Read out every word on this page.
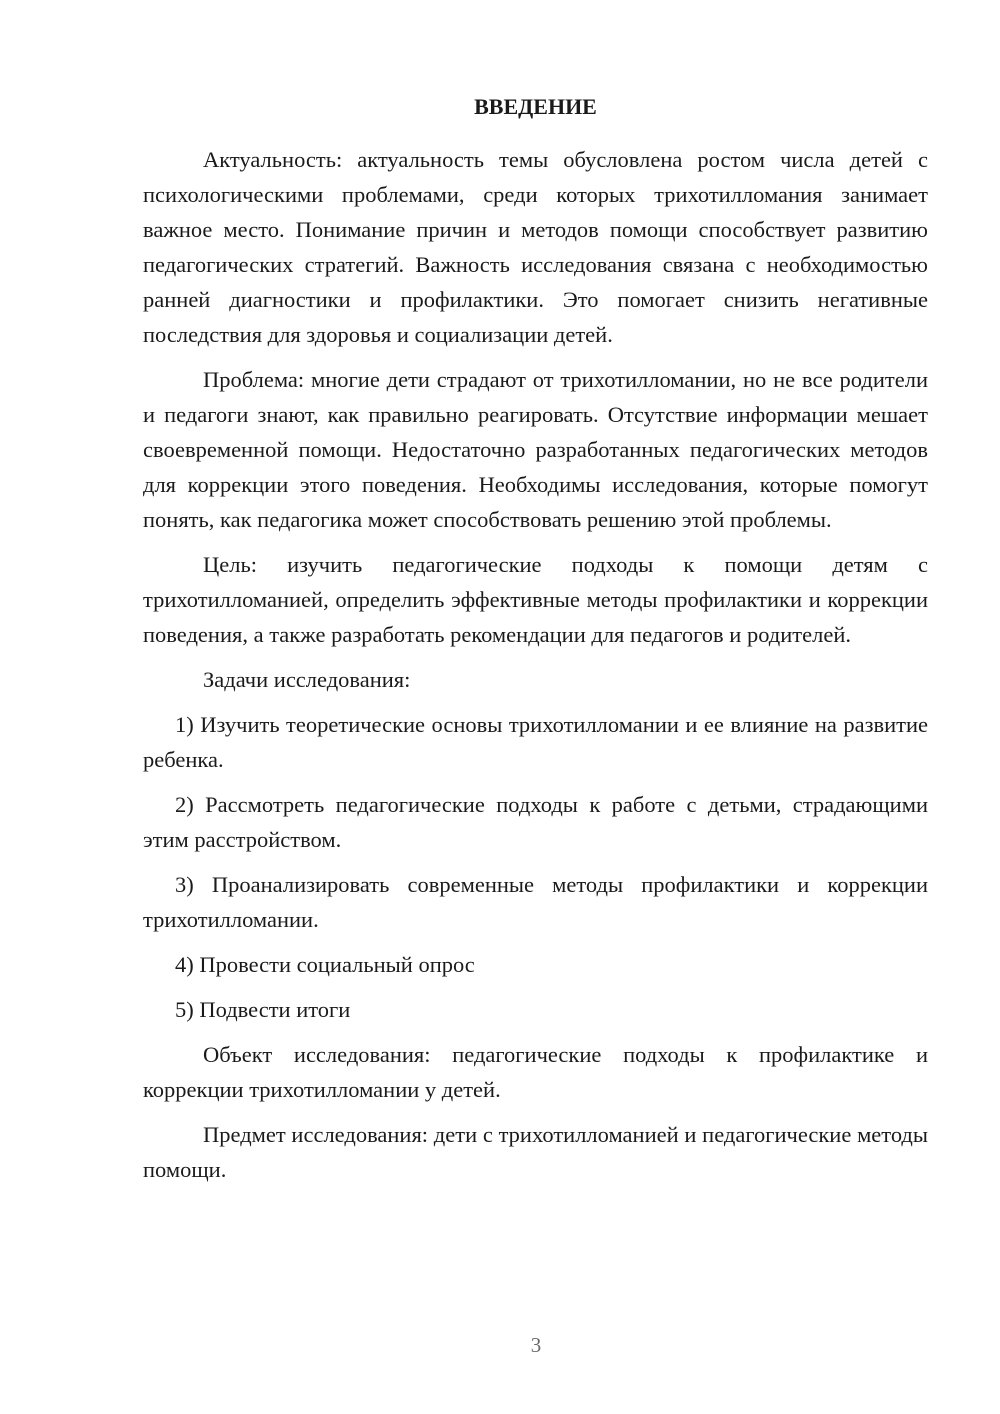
ВВЕДЕНИЕ

Актуальность: актуальность темы обусловлена ростом числа детей с психологическими проблемами, среди которых трихотилломания занимает важное место. Понимание причин и методов помощи способствует развитию педагогических стратегий. Важность исследования связана с необходимостью ранней диагностики и профилактики. Это помогает снизить негативные последствия для здоровья и социализации детей.

Проблема: многие дети страдают от трихотилломании, но не все родители и педагоги знают, как правильно реагировать. Отсутствие информации мешает своевременной помощи. Недостаточно разработанных педагогических методов для коррекции этого поведения. Необходимы исследования, которые помогут понять, как педагогика может способствовать решению этой проблемы.

Цель: изучить педагогические подходы к помощи детям с трихотилломанией, определить эффективные методы профилактики и коррекции поведения, а также разработать рекомендации для педагогов и родителей.

Задачи исследования:

1) Изучить теоретические основы трихотилломании и ее влияние на развитие ребенка.

2) Рассмотреть педагогические подходы к работе с детьми, страдающими этим расстройством.

3) Проанализировать современные методы профилактики и коррекции трихотилломании.

4) Провести социальный опрос

5) Подвести итоги

Объект исследования: педагогические подходы к профилактике и коррекции трихотилломании у детей.

Предмет исследования: дети с трихотилломанией и педагогические методы помощи.

3
